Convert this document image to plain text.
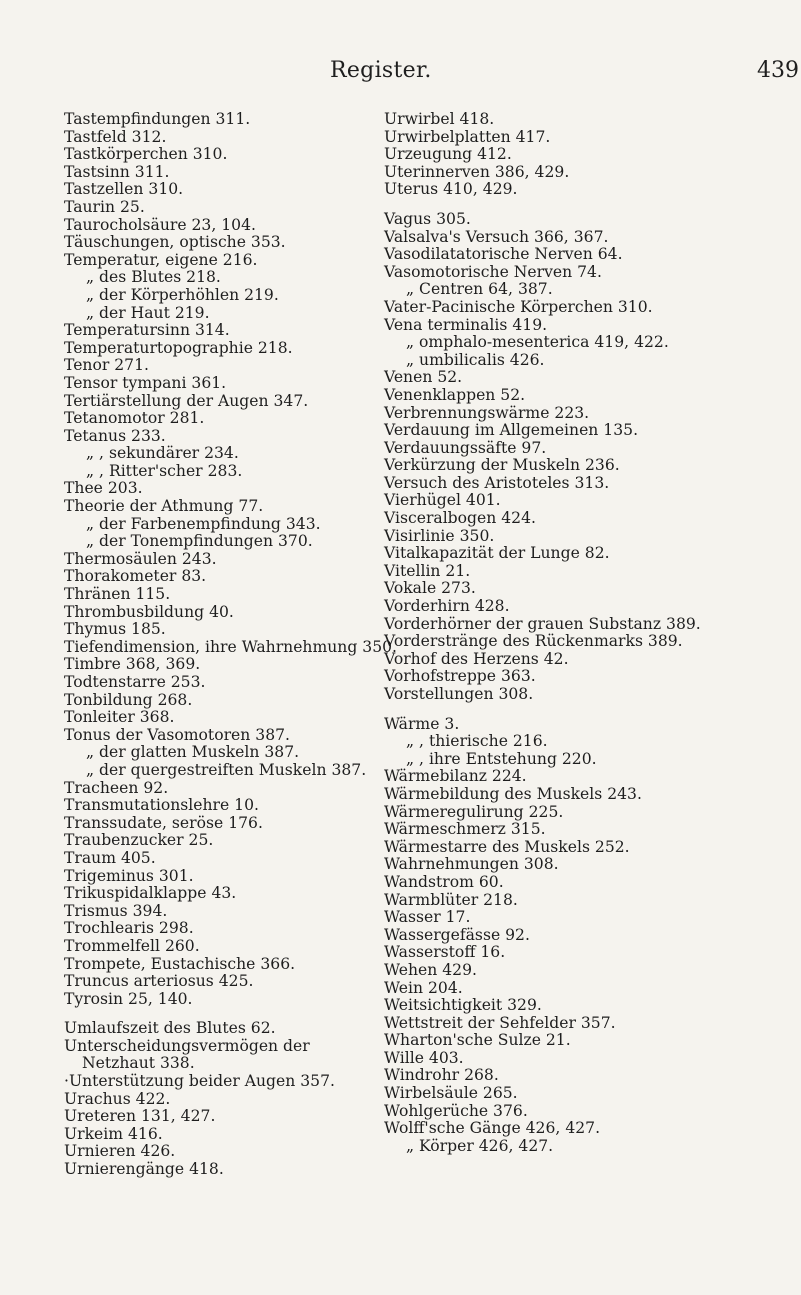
Register.	439
Tastempfindungen 311.
Tastfeld 312.
Tastkörperchen 310.
Tastsinn 311.
Tastzellen 310.
Taurin 25.
Taurocholsäure 23, 104.
Täuschungen, optische 353.
Temperatur, eigene 216.
„ des Blutes 218.
„ der Körperhöhlen 219.
„ der Haut 219.
Temperatursinn 314.
Temperaturtopographie 218.
Tenor 271.
Tensor tympani 361.
Tertiärstellung der Augen 347.
Tetanomotor 281.
Tetanus 233.
„ , sekundärer 234.
„ , Ritter'scher 283.
Thee 203.
Theorie der Athmung 77.
„ der Farbenempfindung 343.
„ der Tonempfindungen 370.
Thermosäulen 243.
Thorakometer 83.
Thränen 115.
Thrombusbildung 40.
Thymus 185.
Tiefendimension, ihre Wahrnehmung 350.
Timbre 368, 369.
Todtenstarre 253.
Tonbildung 268.
Tonleiter 368.
Tonus der Vasomotoren 387.
„ der glatten Muskeln 387.
„ der quergestreiften Muskeln 387.
Tracheen 92.
Transmutationslehre 10.
Transsudate, seröse 176.
Traubenzucker 25.
Traum 405.
Trigeminus 301.
Trikuspidalklappe 43.
Trismus 394.
Trochlearis 298.
Trommelfell 260.
Trompete, Eustachische 366.
Truncus arteriosus 425.
Tyrosin 25, 140.
Umlaufszeit des Blutes 62.
Unterscheidungsvermögen der Netzhaut 338.
·Unterstützung beider Augen 357.
Urachus 422.
Ureteren 131, 427.
Urkeim 416.
Urnieren 426.
Urnierengänge 418.
Urwirbel 418.
Urwirbelplatten 417.
Urzeugung 412.
Uterinnerven 386, 429.
Uterus 410, 429.
Vagus 305.
Valsalva's Versuch 366, 367.
Vasodilatatorische Nerven 64.
Vasomotorische Nerven 74.
„ Centren 64, 387.
Vater-Pacinische Körperchen 310.
Vena terminalis 419.
„ omphalo-mesenterica 419, 422.
„ umbilicalis 426.
Venen 52.
Venenklappen 52.
Verbrennungswärme 223.
Verdauung im Allgemeinen 135.
Verdauungssäfte 97.
Verkürzung der Muskeln 236.
Versuch des Aristoteles 313.
Vierhügel 401.
Visceralbogen 424.
Visirlinie 350.
Vitalkapazität der Lunge 82.
Vitellin 21.
Vokale 273.
Vorderhirn 428.
Vorderhörner der grauen Substanz 389.
Vorderstränge des Rückenmarks 389.
Vorhof des Herzens 42.
Vorhofstreppe 363.
Vorstellungen 308.
Wärme 3.
„ , thierische 216.
„ , ihre Entstehung 220.
Wärmebilanz 224.
Wärmebildung des Muskels 243.
Wärmeregulirung 225.
Wärmeschmerz 315.
Wärmestarre des Muskels 252.
Wahrnehmungen 308.
Wandstrom 60.
Warmblüter 218.
Wasser 17.
Wassergefässe 92.
Wasserstoff 16.
Wehen 429.
Wein 204.
Weitsichtigkeit 329.
Wettstreit der Sehfelder 357.
Wharton'sche Sulze 21.
Wille 403.
Windrohr 268.
Wirbelsäule 265.
Wohlgerüche 376.
Wolff'sche Gänge 426, 427.
„ Körper 426, 427.
